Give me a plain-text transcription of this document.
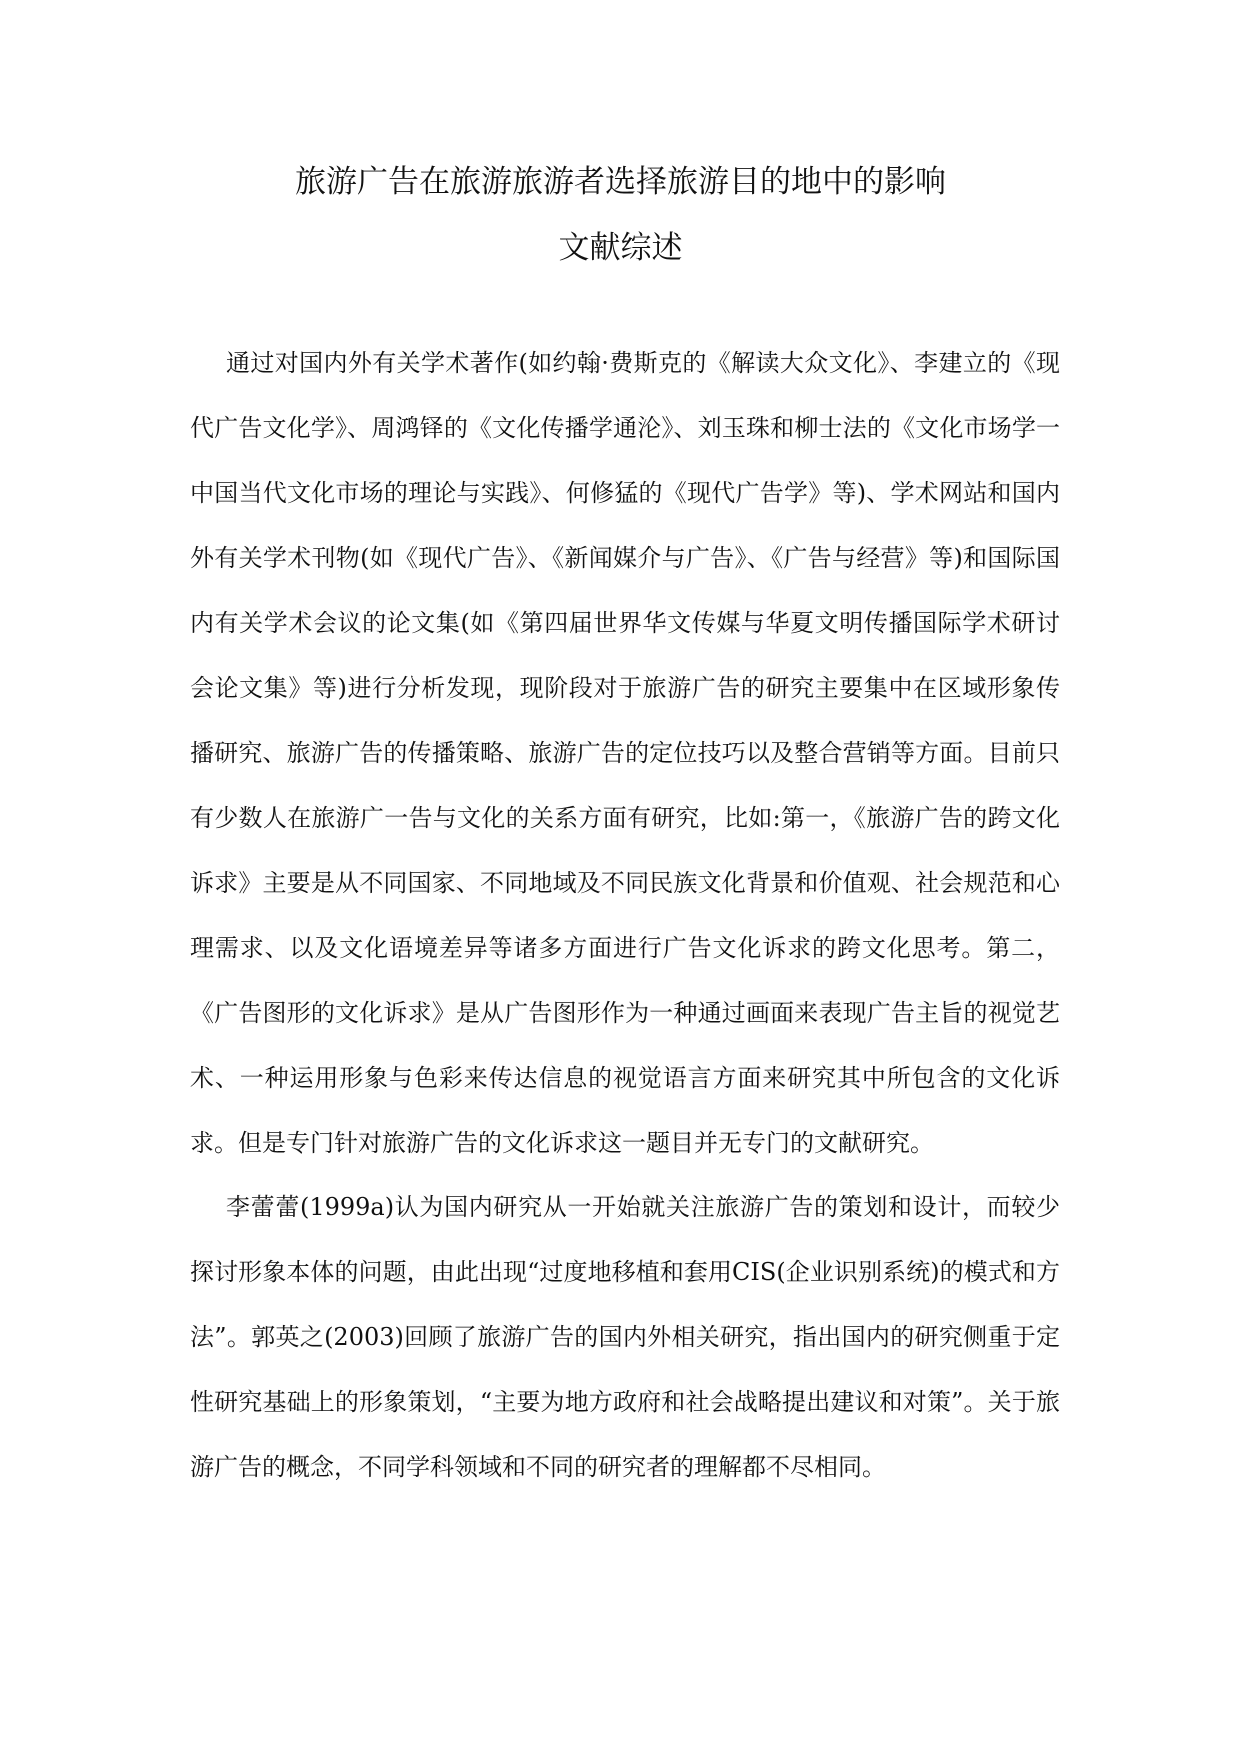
旅游广告在旅游旅游者选择旅游目的地中的影响
文献综述

通过对国内外有关学术著作(如约翰·费斯克的《解读大众文化》、李建立的《现代广告文化学》、周鸿铎的《文化传播学通沦》、刘玉珠和柳士法的《文化市场学一中国当代文化市场的理论与实践》、何修猛的《现代广告学》等)、学术网站和国内外有关学术刊物(如《现代广告》、《新闻媒介与广告》、《广告与经营》等)和国际国内有关学术会议的论文集(如《第四届世界华文传媒与华夏文明传播国际学术研讨会论文集》等)进行分析发现，现阶段对于旅游广告的研究主要集中在区域形象传播研究、旅游广告的传播策略、旅游广告的定位技巧以及整合营销等方面。目前只有少数人在旅游广一告与文化的关系方面有研究，比如:第一，《旅游广告的跨文化诉求》主要是从不同国家、不同地域及不同民族文化背景和价值观、社会规范和心理需求、以及文化语境差异等诸多方面进行广告文化诉求的跨文化思考。第二，《广告图形的文化诉求》是从广告图形作为一种通过画面来表现广告主旨的视觉艺术、一种运用形象与色彩来传达信息的视觉语言方面来研究其中所包含的文化诉求。但是专门针对旅游广告的文化诉求这一题目并无专门的文献研究。

李蕾蕾(1999a)认为国内研究从一开始就关注旅游广告的策划和设计，而较少探讨形象本体的问题，由此出现“过度地移植和套用CIS(企业识别系统)的模式和方法”。郭英之(2003)回顾了旅游广告的国内外相关研究，指出国内的研究侧重于定性研究基础上的形象策划，“主要为地方政府和社会战略提出建议和对策”。关于旅游广告的概念，不同学科领域和不同的研究者的理解都不尽相同。
